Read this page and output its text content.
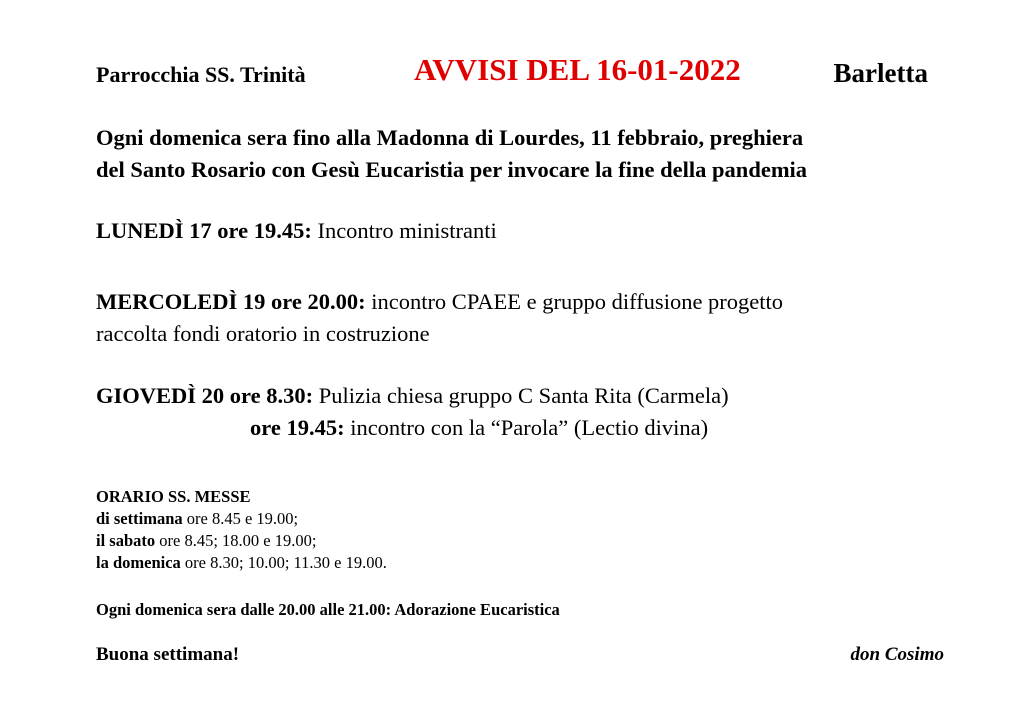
Parrocchia SS. Trinità	AVVISI DEL 16-01-2022	Barletta
Ogni domenica sera fino alla Madonna di Lourdes, 11 febbraio, preghiera
del Santo Rosario con Gesù Eucaristia per invocare la fine della pandemia
LUNEDÌ 17 ore 19.45: Incontro ministranti
MERCOLEDÌ 19 ore 20.00: incontro CPAEE e gruppo diffusione progetto
raccolta fondi oratorio in costruzione
GIOVEDÌ 20 ore 8.30: Pulizia chiesa gruppo C Santa Rita (Carmela)
ore 19.45: incontro con la “Parola” (Lectio divina)
ORARIO SS. MESSE
di settimana ore 8.45 e 19.00;
il sabato ore 8.45; 18.00 e 19.00;
la domenica ore 8.30; 10.00; 11.30 e 19.00.
Ogni domenica sera dalle 20.00 alle 21.00: Adorazione Eucaristica
Buona settimana!	don Cosimo
